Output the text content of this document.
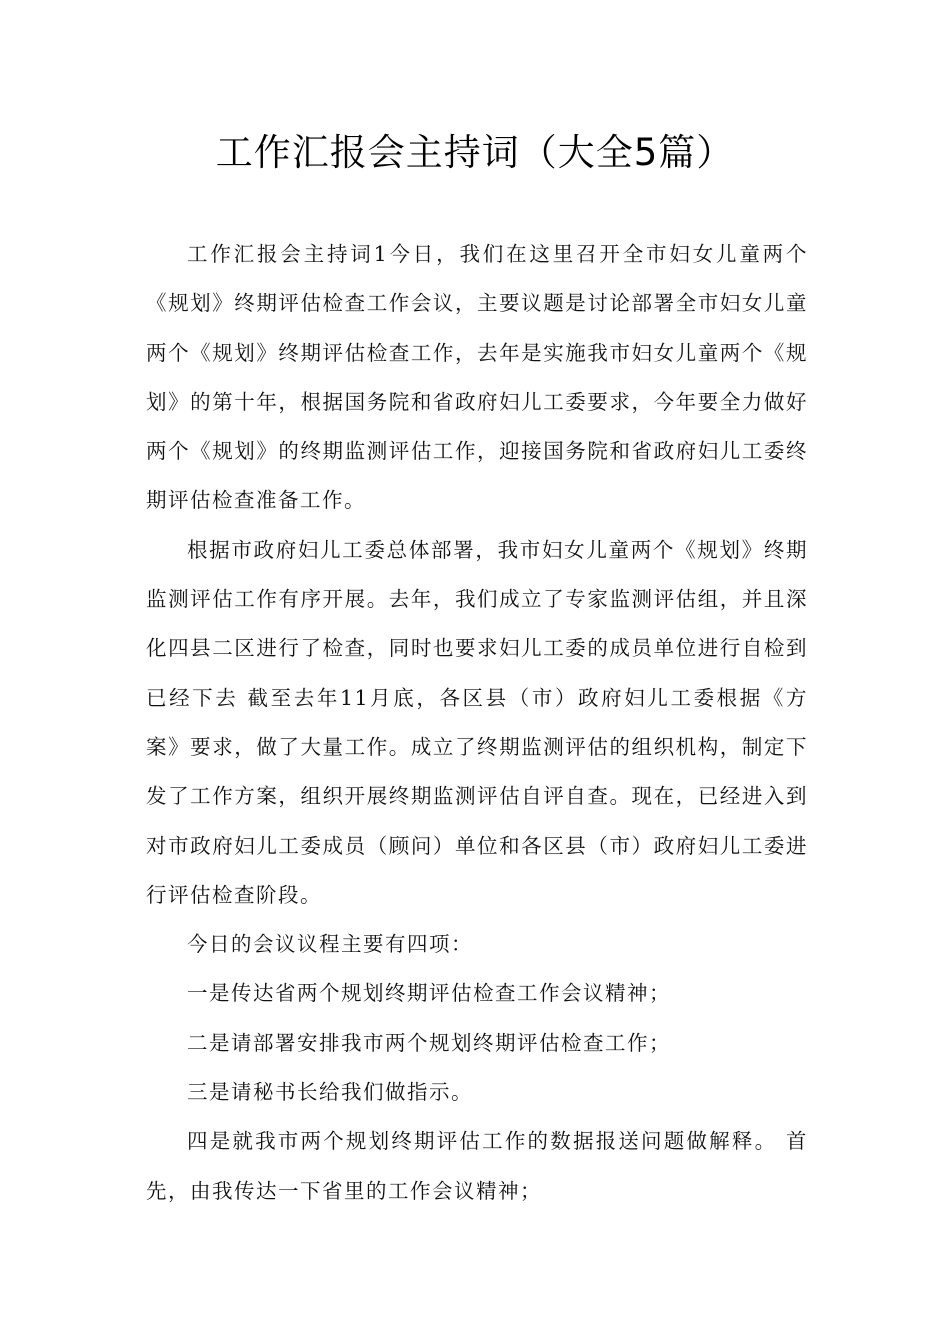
工作汇报会主持词（大全5篇）

工作汇报会主持词1今日，我们在这里召开全市妇女儿童两个《规划》终期评估检查工作会议，主要议题是讨论部署全市妇女儿童两个《规划》终期评估检查工作，去年是实施我市妇女儿童两个《规划》的第十年，根据国务院和省政府妇儿工委要求，今年要全力做好两个《规划》的终期监测评估工作，迎接国务院和省政府妇儿工委终期评估检查准备工作。

根据市政府妇儿工委总体部署，我市妇女儿童两个《规划》终期监测评估工作有序开展。去年，我们成立了专家监测评估组，并且深化四县二区进行了检查，同时也要求妇儿工委的成员单位进行自检到已经下去 截至去年11月底，各区县（市）政府妇儿工委根据《方案》要求，做了大量工作。成立了终期监测评估的组织机构，制定下发了工作方案，组织开展终期监测评估自评自查。现在，已经进入到对市政府妇儿工委成员（顾问）单位和各区县（市）政府妇儿工委进行评估检查阶段。

今日的会议议程主要有四项：

一是传达省两个规划终期评估检查工作会议精神；

二是请部署安排我市两个规划终期评估检查工作；

三是请秘书长给我们做指示。

四是就我市两个规划终期评估工作的数据报送问题做解释。 首先，由我传达一下省里的工作会议精神；
